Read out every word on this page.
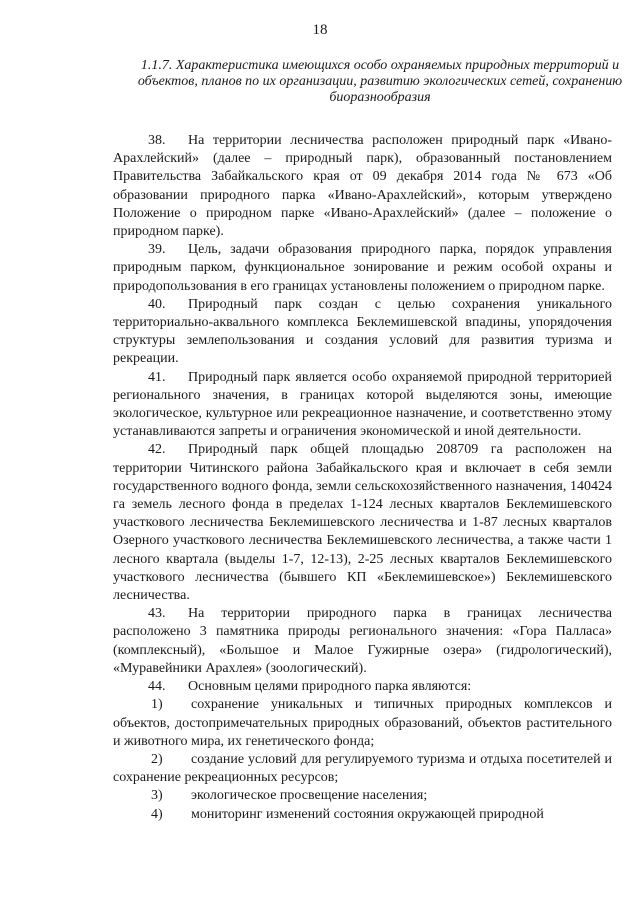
18
1.1.7. Характеристика имеющихся особо охраняемых природных территорий и объектов, планов по их организации, развитию экологических сетей, сохранению биоразнообразия

38. На территории лесничества расположен природный парк «Ивано-Арахлейский» (далее – природный парк), образованный постановлением Правительства Забайкальского края от 09 декабря 2014 года № 673 «Об образовании природного парка «Ивано-Арахлейский», которым утверждено Положение о природном парке «Ивано-Арахлейский» (далее – положение о природном парке).

39. Цель, задачи образования природного парка, порядок управления природным парком, функциональное зонирование и режим особой охраны и природопользования в его границах установлены положением о природном парке.

40. Природный парк создан с целью сохранения уникального территориально-аквального комплекса Беклемишевской впадины, упорядочения структуры землепользования и создания условий для развития туризма и рекреации.

41. Природный парк является особо охраняемой природной территорией регионального значения, в границах которой выделяются зоны, имеющие экологическое, культурное или рекреационное назначение, и соответственно этому устанавливаются запреты и ограничения экономической и иной деятельности.

42. Природный парк общей площадью 208709 га расположен на территории Читинского района Забайкальского края и включает в себя земли государственного водного фонда, земли сельскохозяйственного назначения, 140424 га земель лесного фонда в пределах 1-124 лесных кварталов Беклемишевского участкового лесничества Беклемишевского лесничества и 1-87 лесных кварталов Озерного участкового лесничества Беклемишевского лесничества, а также части 1 лесного квартала (выделы 1-7, 12-13), 2-25 лесных кварталов Беклемишевского участкового лесничества (бывшего КП «Беклемишевское») Беклемишевского лесничества.

43. На территории природного парка в границах лесничества расположено 3 памятника природы регионального значения: «Гора Палласа» (комплексный), «Большое и Малое Гужирные озера» (гидрологический), «Муравейники Арахлея» (зоологический).

44. Основным целями природного парка являются:

1) сохранение уникальных и типичных природных комплексов и объектов, достопримечательных природных образований, объектов растительного и животного мира, их генетического фонда;

2) создание условий для регулируемого туризма и отдыха посетителей и сохранение рекреационных ресурсов;

3) экологическое просвещение населения;

4) мониторинг изменений состояния окружающей природной
